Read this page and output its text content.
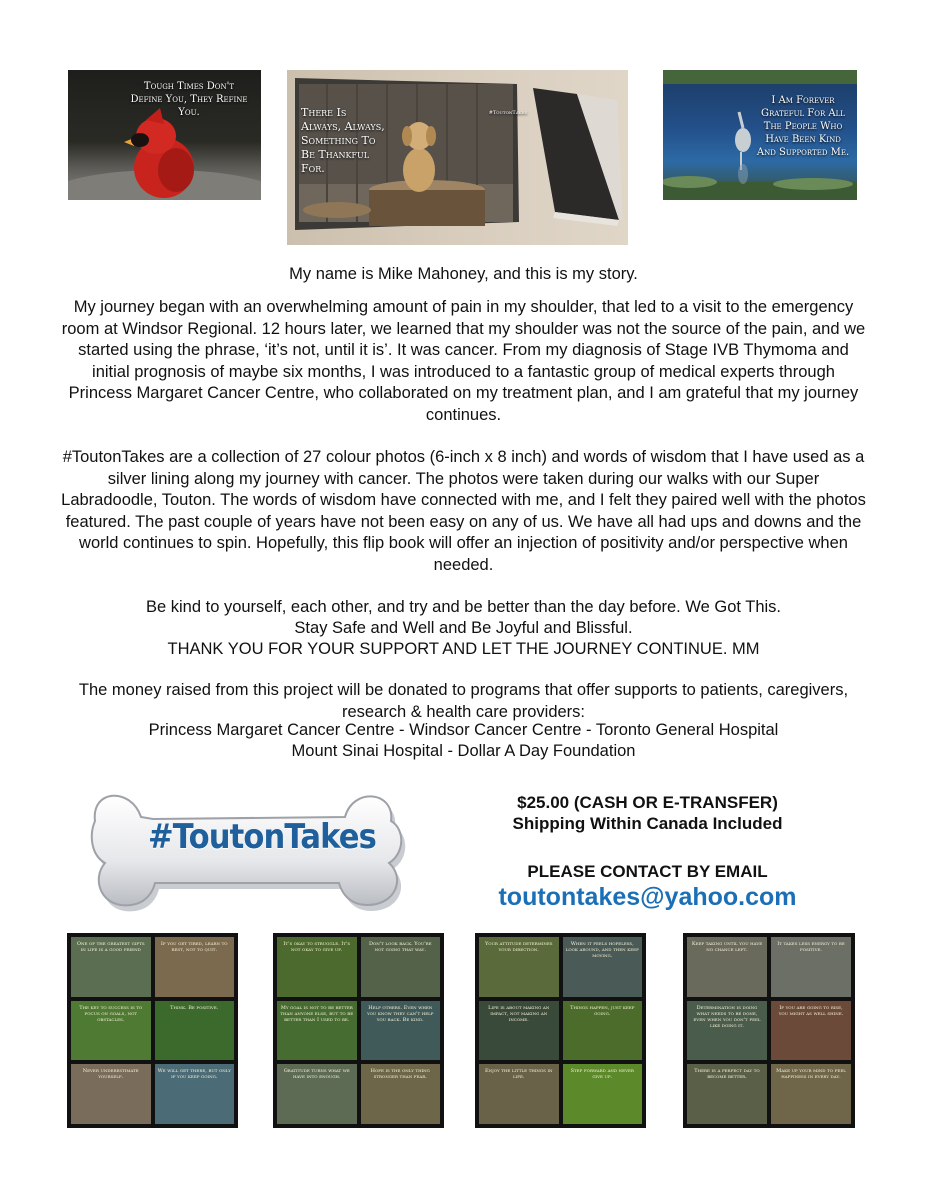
Tough Times Don't Define You, They Refine You.	There Is Always, Always, Something To Be Thankful For.
#ToutonTakes
I Am Forever Grateful For All The People Who Have Been Kind And Supported Me.

My name is Mike Mahoney, and this is my story.

My journey began with an overwhelming amount of pain in my shoulder, that led to a visit to the emergency room at Windsor Regional. 12 hours later, we learned that my shoulder was not the source of the pain, and we started using the phrase, ‘it’s not, until it is’. It was cancer. From my diagnosis of Stage IVB Thymoma and initial prognosis of maybe six months, I was introduced to a fantastic group of medical experts through Princess Margaret Cancer Centre, who collaborated on my treatment plan, and I am grateful that my journey continues.

#ToutonTakes are a collection of 27 colour photos (6-inch x 8 inch) and words of wisdom that I have used as a silver lining along my journey with cancer. The photos were taken during our walks with our Super Labradoodle, Touton. The words of wisdom have connected with me, and I felt they paired well with the photos featured. The past couple of years have not been easy on any of us. We have all had ups and downs and the world continues to spin. Hopefully, this flip book will offer an injection of positivity and/or perspective when needed.

Be kind to yourself, each other, and try and be better than the day before. We Got This.

Stay Safe and Well and Be Joyful and Blissful.

THANK YOU FOR YOUR SUPPORT AND LET THE JOURNEY CONTINUE. MM

The money raised from this project will be donated to programs that offer supports to patients, caregivers, research & health care providers:

Princess Margaret Cancer Centre - Windsor Cancer Centre - Toronto General Hospital

Mount Sinai Hospital - Dollar A Day Foundation

#ToutonTakes
$25.00 (CASH OR E-TRANSFER)
Shipping Within Canada Included
PLEASE CONTACT BY EMAIL
toutontakes@yahoo.com
One of the greatest gifts in life is a good friend
If you get tired, learn to rest, not to quit.
The key to success is to focus on goals, not obstacles.
Think. Be positive.
Never underestimate yourself.
We will get there, but only if you keep going.
It's okay to struggle. It's not okay to give up.
Don't look back. You're not going that way.
My goal is not to be better than anyone else, but to be better than I used to be.
Help others. Even when you know they can't help you back. Be kind.
Gratitude turns what we have into enough.
Hope is the only thing stronger than fear.
Your attitude determines your direction.
When it feels hopeless, look around, and then keep moving.
Life is about making an impact, not making an income.
Things happen, just keep going.
Enjoy the little things in life.
Step forward and never give up.
Keep taking until you have no chance left.
It takes less energy to be positive.
Determination is doing what needs to be done, even when you don't feel like doing it.
If you are going to rise, you might as well shine.
There is a perfect day to become better.
Make up your mind to feel happiness in every day.
